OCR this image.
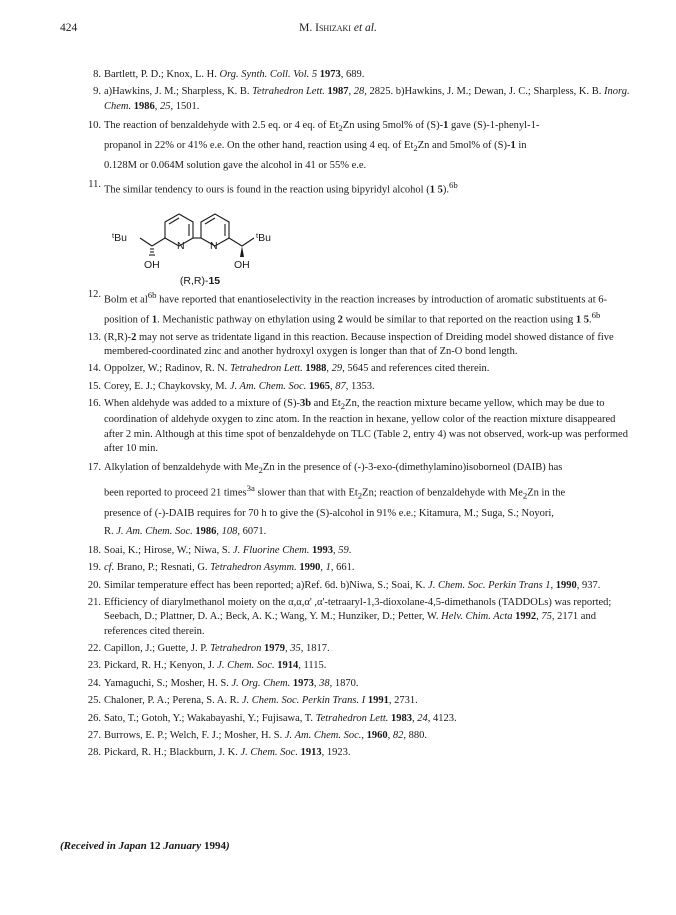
424	M. Ishizaki et al.
8. Bartlett, P. D.; Knox, L. H. Org. Synth. Coll. Vol. 5 1973, 689.
9. a)Hawkins, J. M.; Sharpless, K. B. Tetrahedron Lett. 1987, 28, 2825. b)Hawkins, J. M.; Dewan, J. C.; Sharpless, K. B. Inorg. Chem. 1986, 25, 1501.
10. The reaction of benzaldehyde with 2.5 eq. or 4 eq. of $Et_2Zn$ using 5mol% of (S)-1 gave (S)-1-phenyl-1-
propanol in 22% or 41% e.e. On the other hand, reaction using 4 eq. of $Et_2Zn$ and 5mol% of (S)-1 in
0.128M or 0.064M solution gave the alcohol in 41 or 55% e.e.
11. The similar tendency to ours is found in the reaction using bipyridyl alcohol (1 5).$^{6b}$
$^t$Bu	$^t$Bu
N N
OH	OH
(R,R)-15
12. Bolm et $al^{6b}$ have reported that enantioselectivity in the reaction increases by introduction of aromatic substituents at 6-position of 1. Mechanistic pathway on ethylation using 2 would be similar to that reported on the reaction using 1 5.$^{6b}$
13. (R,R)-2 may not serve as tridentate ligand in this reaction. Because inspection of Dreiding model showed distance of five membered-coordinated zinc and another hydroxyl oxygen is longer than that of Zn-O bond length.
14. Oppolzer, W.; Radinov, R. N. Tetrahedron Lett. 1988, 29, 5645 and references cited therein.
15. Corey, E. J.; Chaykovsky, M. J. Am. Chem. Soc. 1965, 87, 1353.
16. When aldehyde was added to a mixture of (S)-3b and $Et_2Zn$, the reaction mixture became yellow, which may be due to coordination of aldehyde oxygen to zinc atom. In the reaction in hexane, yellow color of the reaction mixture disappeared after 2 min. Although at this time spot of benzaldehyde on TLC (Table 2, entry 4) was not observed, work-up was performed after 10 min.
17. Alkylation of benzaldehyde with $Me_2Zn$ in the presence of (-)-3-exo-(dimethylamino)isoborneol (DAIB) has
been reported to proceed 21 times$^{3a}$ slower than that with $Et_2Zn$; reaction of benzaldehyde with $Me_2Zn$ in the
presence of (-)-DAIB requires for 70 h to give the (S)-alcohol in 91% e.e.; Kitamura, M.; Suga, S.; Noyori,
R. J. Am. Chem. Soc. 1986, 108, 6071.
18. Soai, K.; Hirose, W.; Niwa, S. J. Fluorine Chem. 1993, 59.
19. cf. Brano, P.; Resnati, G. Tetrahedron Asymm. 1990, 1, 661.
20. Similar temperature effect has been reported; a)Ref. 6d. b)Niwa, S.; Soai, K. J. Chem. Soc. Perkin Trans 1, 1990, 937.
21. Efficiency of diarylmethanol moiety on the α,α,α' ,α'-tetraaryl-1,3-dioxolane-4,5-dimethanols (TADDOLs) was reported; Seebach, D.; Plattner, D. A.; Beck, A. K.; Wang, Y. M.; Hunziker, D.; Petter, W. Helv. Chim. Acta 1992, 75, 2171 and references cited therein.
22. Capillon, J.; Guette, J. P. Tetrahedron 1979, 35, 1817.
23. Pickard, R. H.; Kenyon, J. J. Chem. Soc. 1914, 1115.
24. Yamaguchi, S.; Mosher, H. S. J. Org. Chem. 1973, 38, 1870.
25. Chaloner, P. A.; Perena, S. A. R. J. Chem. Soc. Perkin Trans. I 1991, 2731.
26. Sato, T.; Gotoh, Y.; Wakabayashi, Y.; Fujisawa, T. Tetrahedron Lett. 1983, 24, 4123.
27. Burrows, E. P.; Welch, F. J.; Mosher, H. S. J. Am. Chem. Soc., 1960, 82, 880.
28. Pickard, R. H.; Blackburn, J. K. J. Chem. Soc. 1913, 1923.
(Received in Japan 12 January 1994)
